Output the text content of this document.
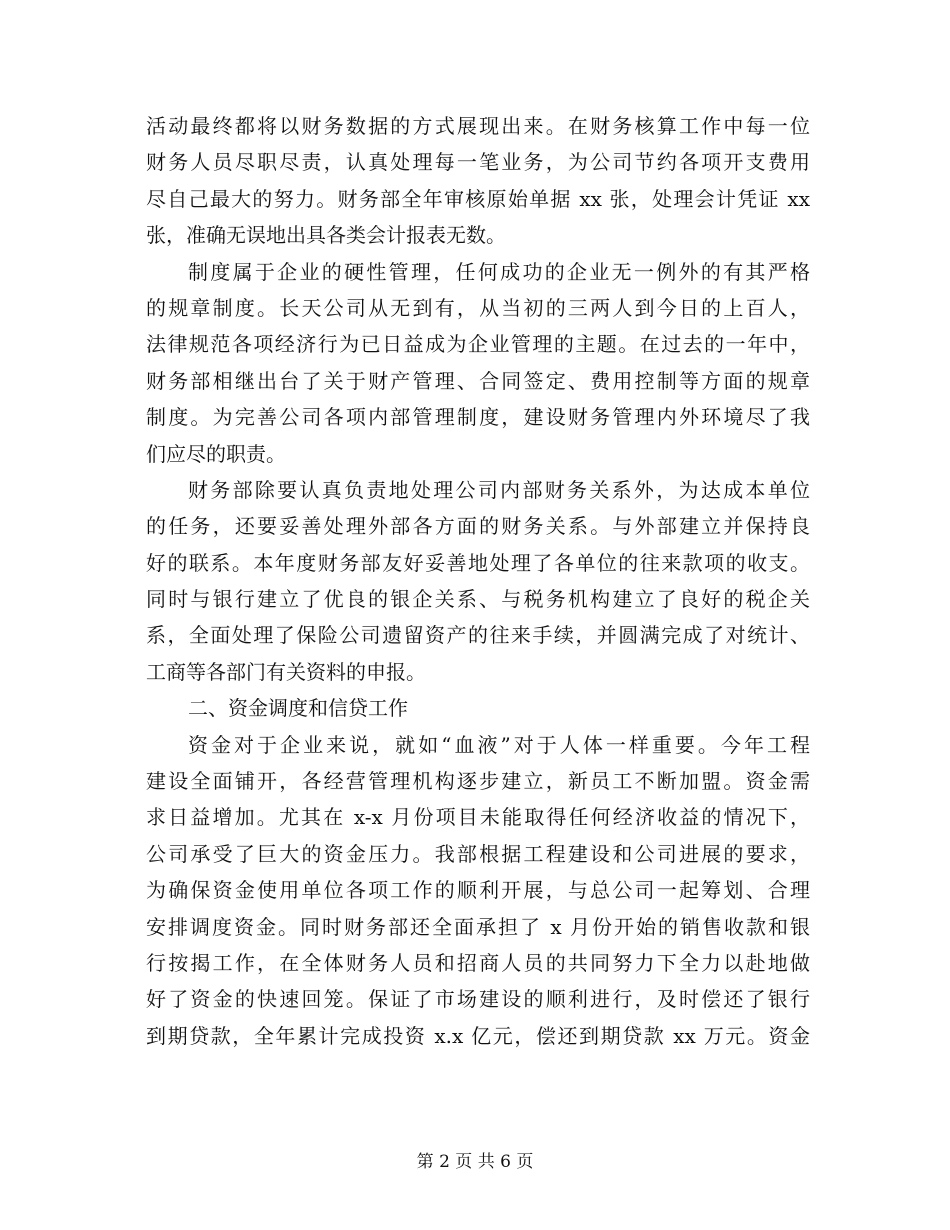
活动最终都将以财务数据的方式展现出来。在财务核算工作中每一位
财务人员尽职尽责，认真处理每一笔业务，为公司节约各项开支费用
尽自己最大的努力。财务部全年审核原始单据 xx 张，处理会计凭证 xx
张，准确无误地出具各类会计报表无数。
制度属于企业的硬性管理，任何成功的企业无一例外的有其严格
的规章制度。长天公司从无到有，从当初的三两人到今日的上百人，
法律规范各项经济行为已日益成为企业管理的主题。在过去的一年中，
财务部相继出台了关于财产管理、合同签定、费用控制等方面的规章
制度。为完善公司各项内部管理制度，建设财务管理内外环境尽了我
们应尽的职责。
财务部除要认真负责地处理公司内部财务关系外，为达成本单位
的任务，还要妥善处理外部各方面的财务关系。与外部建立并保持良
好的联系。本年度财务部友好妥善地处理了各单位的往来款项的收支。
同时与银行建立了优良的银企关系、与税务机构建立了良好的税企关
系，全面处理了保险公司遗留资产的往来手续，并圆满完成了对统计、
工商等各部门有关资料的申报。
二、资金调度和信贷工作
资金对于企业来说，就如“血液”对于人体一样重要。今年工程
建设全面铺开，各经营管理机构逐步建立，新员工不断加盟。资金需
求日益增加。尤其在 x-x 月份项目未能取得任何经济收益的情况下，
公司承受了巨大的资金压力。我部根据工程建设和公司进展的要求，
为确保资金使用单位各项工作的顺利开展，与总公司一起筹划、合理
安排调度资金。同时财务部还全面承担了 x 月份开始的销售收款和银
行按揭工作，在全体财务人员和招商人员的共同努力下全力以赴地做
好了资金的快速回笼。保证了市场建设的顺利进行，及时偿还了银行
到期贷款，全年累计完成投资 x.x 亿元，偿还到期贷款 xx 万元。资金
第 2 页 共 6 页
